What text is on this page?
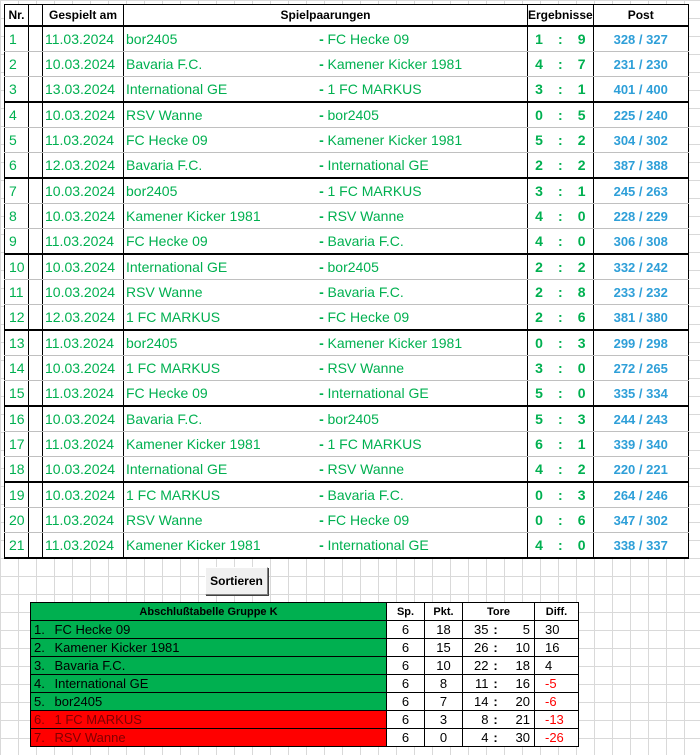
Nr.		Gespielt am	Spielpaarungen			Ergebnisse			Post
1		11.03.2024	bor2405	-	FC Hecke 09	1	:	9	328 / 327
2		10.03.2024	Bavaria F.C.	-	Kamener Kicker 1981	4	:	7	231 / 230
3		13.03.2024	International GE	-	1 FC MARKUS	3	:	1	401 / 400
4		10.03.2024	RSV Wanne	-	bor2405	0	:	5	225 / 240
5		11.03.2024	FC Hecke 09	-	Kamener Kicker 1981	5	:	2	304 / 302
6		12.03.2024	Bavaria F.C.	-	International GE	2	:	2	387 / 388
7		10.03.2024	bor2405	-	1 FC MARKUS	3	:	1	245 / 263
8		10.03.2024	Kamener Kicker 1981	-	RSV Wanne	4	:	0	228 / 229
9		11.03.2024	FC Hecke 09	-	Bavaria F.C.	4	:	0	306 / 308
10		10.03.2024	International GE	-	bor2405	2	:	2	332 / 242
11		10.03.2024	RSV Wanne	-	Bavaria F.C.	2	:	8	233 / 232
12		12.03.2024	1 FC MARKUS	-	FC Hecke 09	2	:	6	381 / 380
13		11.03.2024	bor2405	-	Kamener Kicker 1981	0	:	3	299 / 298
14		10.03.2024	1 FC MARKUS	-	RSV Wanne	3	:	0	272 / 265
15		11.03.2024	FC Hecke 09	-	International GE	5	:	0	335 / 334
16		10.03.2024	Bavaria F.C.	-	bor2405	5	:	3	244 / 243
17		11.03.2024	Kamener Kicker 1981	-	1 FC MARKUS	6	:	1	339 / 340
18		10.03.2024	International GE	-	RSV Wanne	4	:	2	220 / 221
19		10.03.2024	1 FC MARKUS	-	Bavaria F.C.	0	:	3	264 / 246
20		11.03.2024	RSV Wanne	-	FC Hecke 09	0	:	6	347 / 302
21		11.03.2024	Kamener Kicker 1981	-	International GE	4	:	0	338 / 337
Sortieren
Abschlußtabelle Gruppe K		Sp.	Pkt.	Tore			Diff.
1.	FC Hecke 09	6	18	35	:	5	30
2.	Kamener Kicker 1981	6	15	26	:	10	16
3.	Bavaria F.C.	6	10	22	:	18	4
4.	International GE	6	8	11	:	16	-5
5.	bor2405	6	7	14	:	20	-6
6.	1 FC MARKUS	6	3	8	:	21	-13
7.	RSV Wanne	6	0	4	:	30	-26
